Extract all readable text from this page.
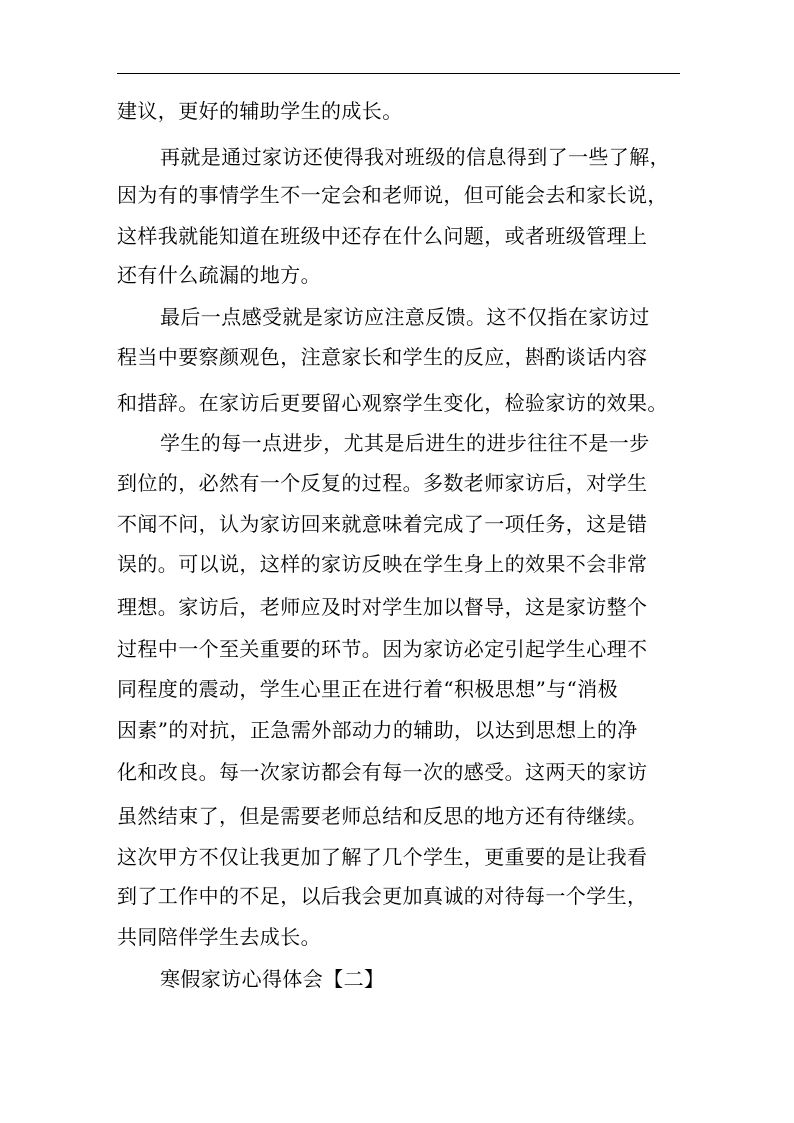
建议，更好的辅助学生的成长。
再就是通过家访还使得我对班级的信息得到了一些了解，
因为有的事情学生不一定会和老师说，但可能会去和家长说，
这样我就能知道在班级中还存在什么问题，或者班级管理上
还有什么疏漏的地方。
最后一点感受就是家访应注意反馈。这不仅指在家访过
程当中要察颜观色，注意家长和学生的反应，斟酌谈话内容
和措辞。在家访后更要留心观察学生变化，检验家访的效果。
学生的每一点进步，尤其是后进生的进步往往不是一步
到位的，必然有一个反复的过程。多数老师家访后，对学生
不闻不问，认为家访回来就意味着完成了一项任务，这是错
误的。可以说，这样的家访反映在学生身上的效果不会非常
理想。家访后，老师应及时对学生加以督导，这是家访整个
过程中一个至关重要的环节。因为家访必定引起学生心理不
同程度的震动，学生心里正在进行着“积极思想”与“消极
因素”的对抗，正急需外部动力的辅助，以达到思想上的净
化和改良。每一次家访都会有每一次的感受。这两天的家访
虽然结束了，但是需要老师总结和反思的地方还有待继续。
这次甲方不仅让我更加了解了几个学生，更重要的是让我看
到了工作中的不足，以后我会更加真诚的对待每一个学生，
共同陪伴学生去成长。
寒假家访心得体会【二】
